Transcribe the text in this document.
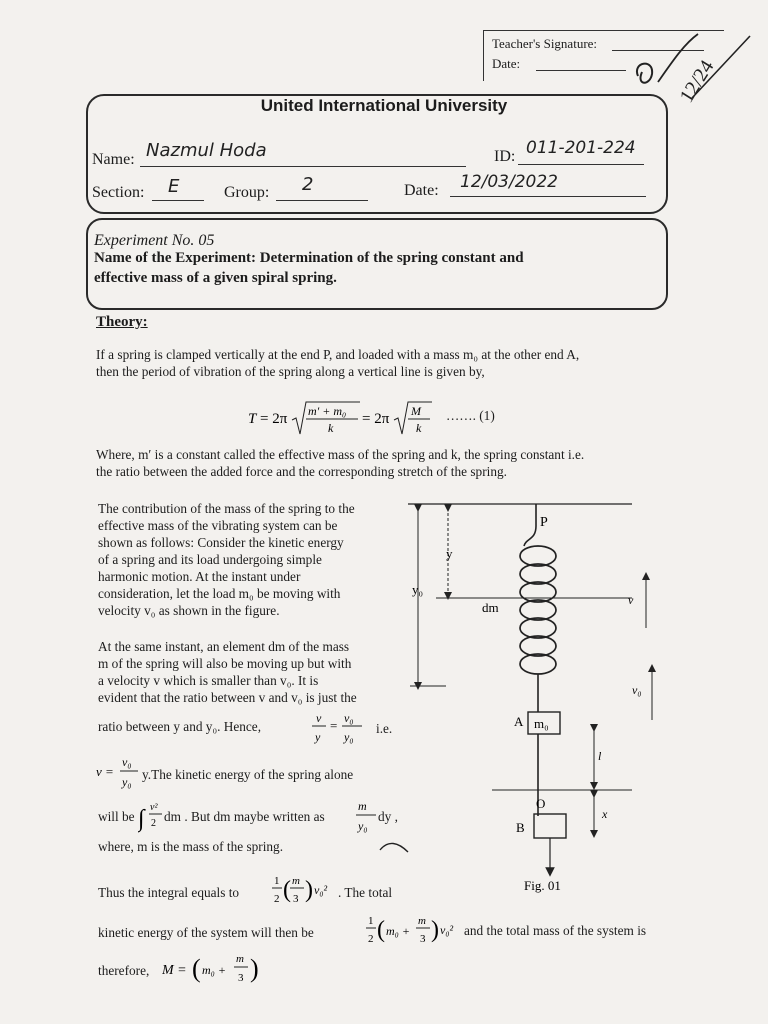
Teacher's Signature:
Date:	12/24
United International University
Name: Nazmul Hoda	ID: 011-201-224
Section: E	Group: 2	Date: 12/03/2022
Experiment No. 05
Name of the Experiment: Determination of the spring constant and
effective mass of a given spiral spring.
Theory:
If a spring is clamped vertically at the end P, and loaded with a mass m₀ at the other end A,
then the period of vibration of the spring along a vertical line is given by,
T = 2π m′ + m₀
k
= 2π M
k
……. (1)
Where, m′ is a constant called the effective mass of the spring and k, the spring constant i.e.
the ratio between the added force and the corresponding stretch of the spring.
The contribution of the mass of the spring to the
effective mass of the vibrating system can be
shown as follows: Consider the kinetic energy
of a spring and its load undergoing simple
harmonic motion. At the instant under
consideration, let the load m₀ be moving with
velocity v₀ as shown in the figure.
At the same instant, an element dm of the mass
m of the spring will also be moving up but with
a velocity v which is smaller than v₀. It is
evident that the ratio between v and v₀ is just the
ratio between y and y₀. Hence,
v
y
= v₀
y₀
i.e.
v =
v₀
y₀ y.The kinetic energy of the spring alone
will be ∫ v²
2 dm . But dm maybe written as
m
y₀
dy ,
where, m is the mass of the spring.
Thus the integral equals to
1
2 ( m
3 ) v₀² . The total
kinetic energy of the system will then be
1
2 ( m₀ +
m
3 ) v₀² and the total mass of the system is
therefore, M = ( m₀ +
m
3 )
P
y₀
y
dm	v
v₀
A m₀
l
O
x
B
Fig. 01
